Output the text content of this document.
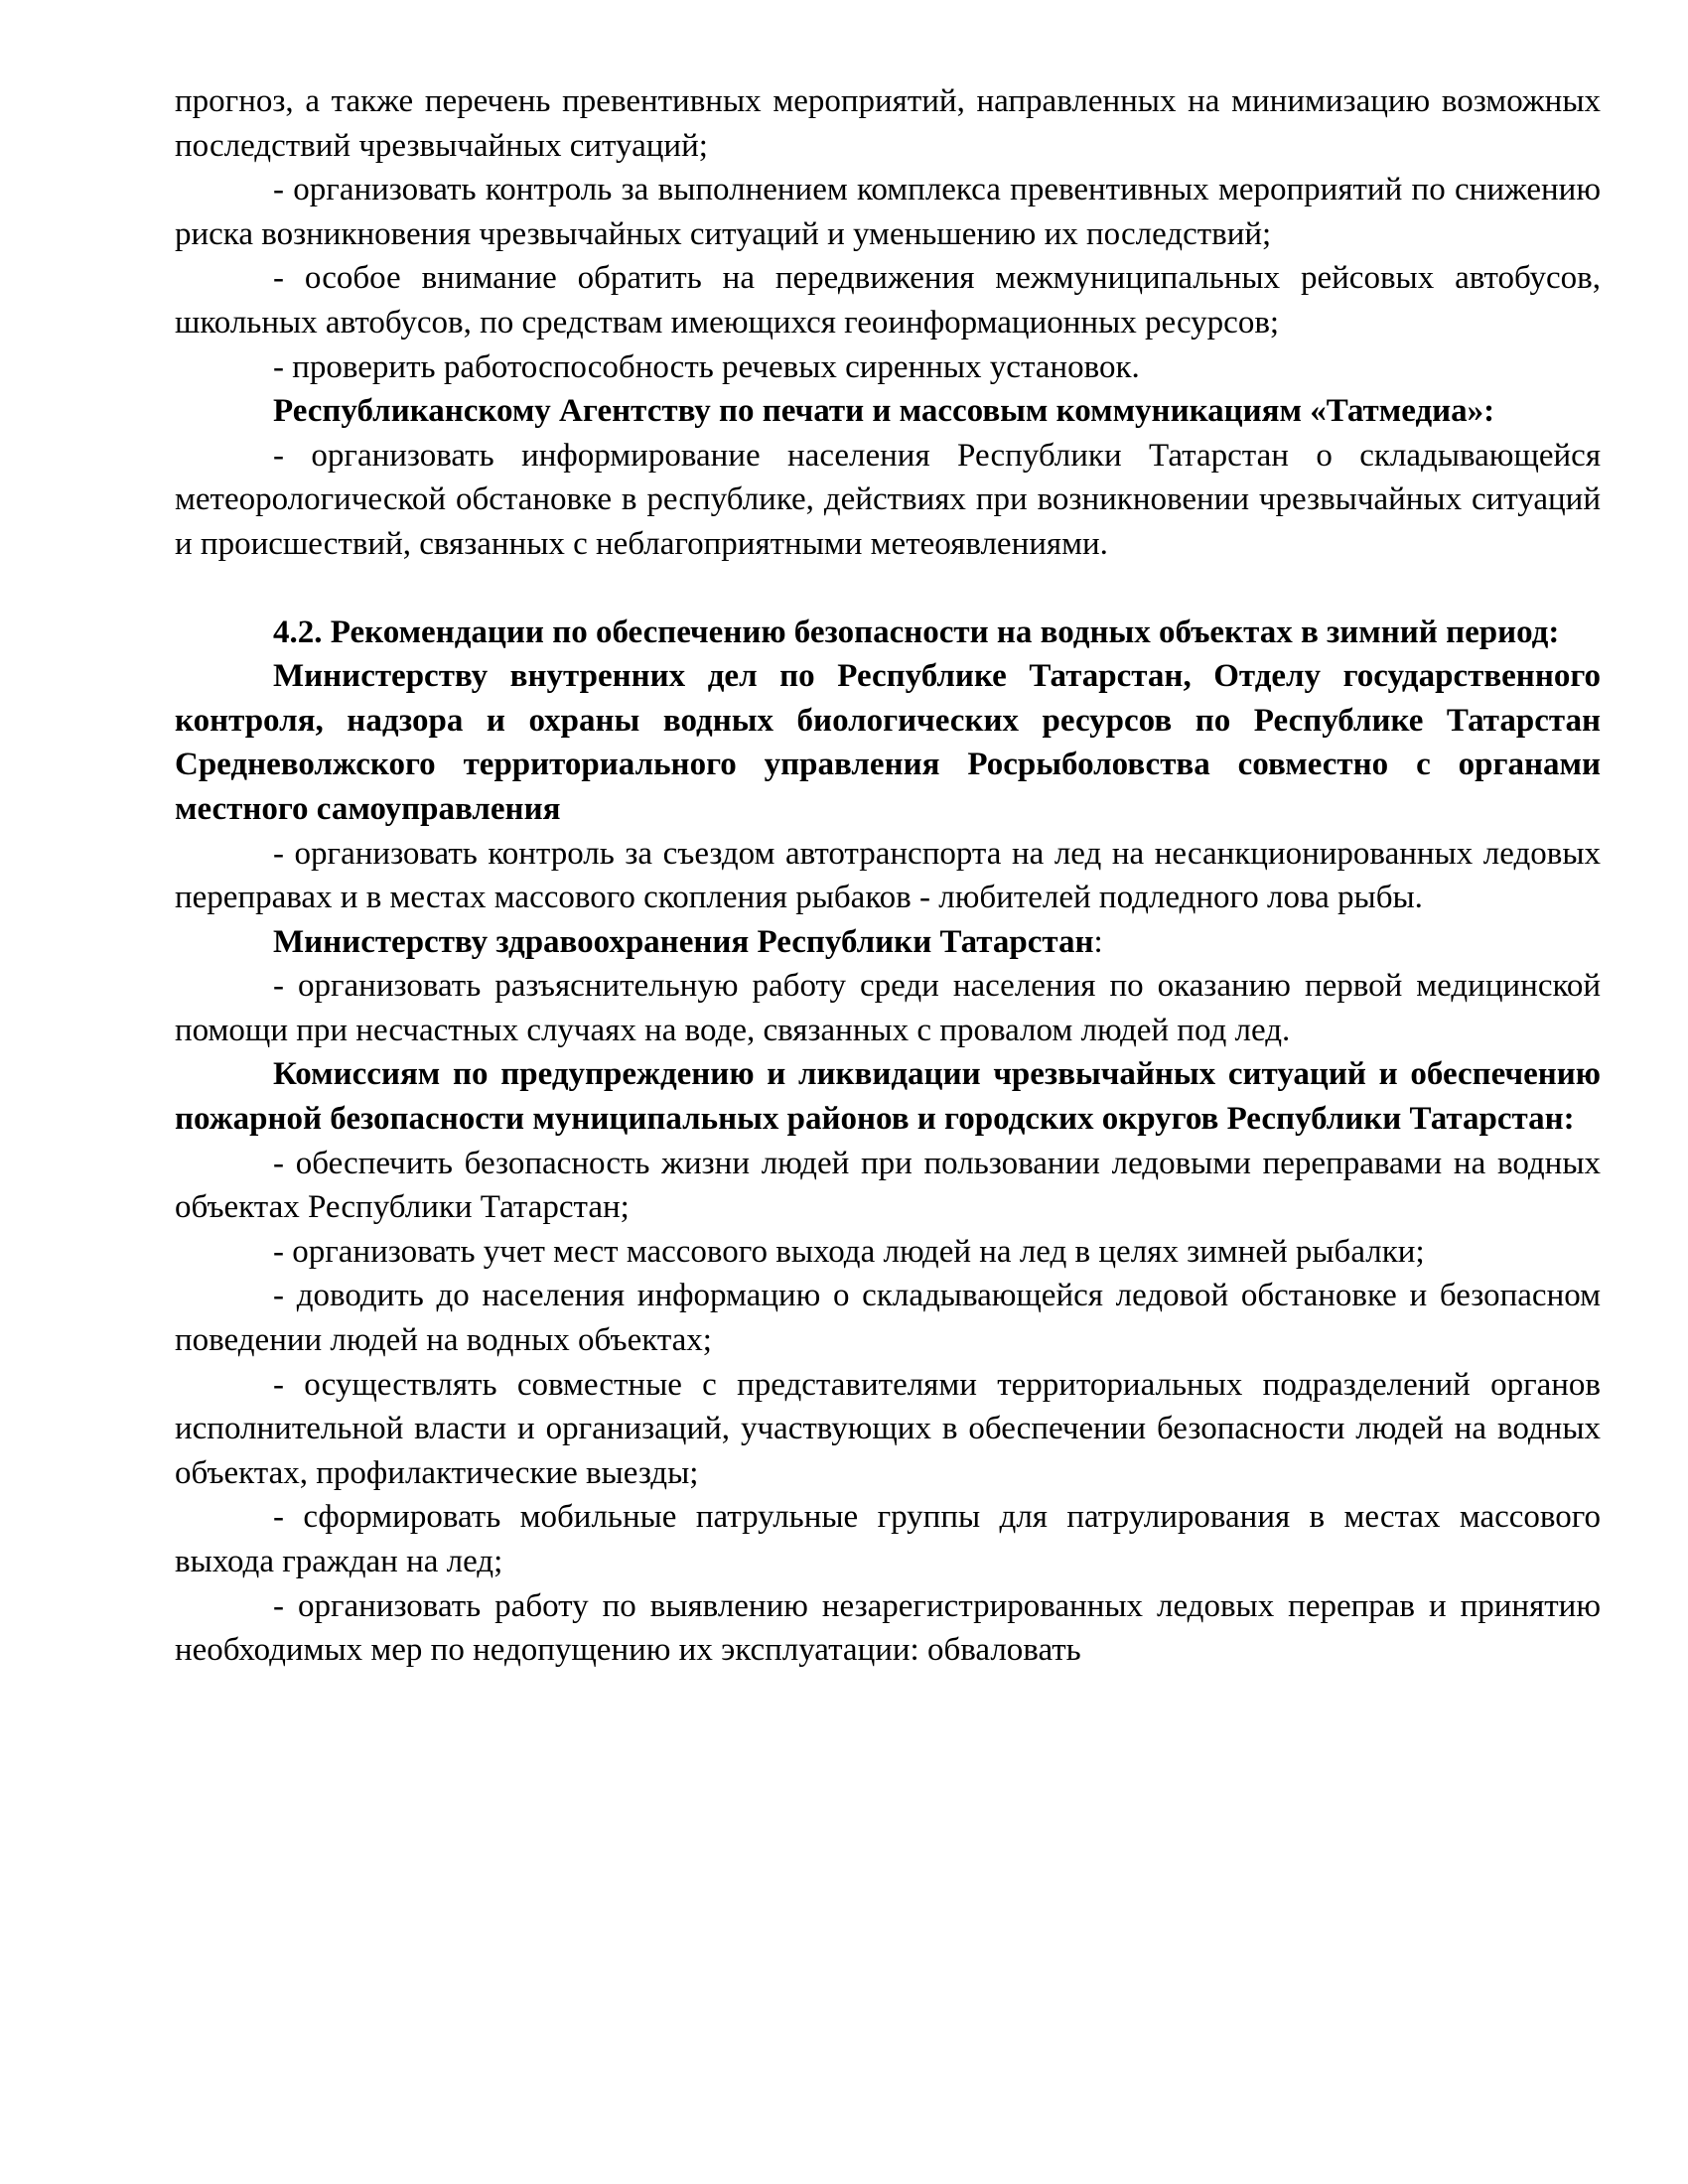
прогноз, а также перечень превентивных мероприятий, направленных на минимизацию возможных последствий чрезвычайных ситуаций;

- организовать контроль за выполнением комплекса превентивных мероприятий по снижению риска возникновения чрезвычайных ситуаций и уменьшению их последствий;

- особое внимание обратить на передвижения межмуниципальных рейсовых автобусов, школьных автобусов, по средствам имеющихся геоинформационных ресурсов;

- проверить работоспособность речевых сиренных установок.

Республиканскому Агентству по печати и массовым коммуникациям «Татмедиа»:

- организовать информирование населения Республики Татарстан о складывающейся метеорологической обстановке в республике, действиях при возникновении чрезвычайных ситуаций и происшествий, связанных с неблагоприятными метеоявлениями.

4.2. Рекомендации по обеспечению безопасности на водных объектах в зимний период:

Министерству внутренних дел по Республике Татарстан, Отделу государственного контроля, надзора и охраны водных биологических ресурсов по Республике Татарстан Средневолжского территориального управления Росрыболовства совместно с органами местного самоуправления

- организовать контроль за съездом автотранспорта на лед на несанкционированных ледовых переправах и в местах массового скопления рыбаков - любителей подледного лова рыбы.

Министерству здравоохранения Республики Татарстан:

- организовать разъяснительную работу среди населения по оказанию первой медицинской помощи при несчастных случаях на воде, связанных с провалом людей под лед.

Комиссиям по предупреждению и ликвидации чрезвычайных ситуаций и обеспечению пожарной безопасности муниципальных районов и городских округов Республики Татарстан:

- обеспечить безопасность жизни людей при пользовании ледовыми переправами на водных объектах Республики Татарстан;

- организовать учет мест массового выхода людей на лед в целях зимней рыбалки;

- доводить до населения информацию о складывающейся ледовой обстановке и безопасном поведении людей на водных объектах;

- осуществлять совместные с представителями территориальных подразделений органов исполнительной власти и организаций, участвующих в обеспечении безопасности людей на водных объектах, профилактические выезды;

- сформировать мобильные патрульные группы для патрулирования в местах массового выхода граждан на лед;

- организовать работу по выявлению незарегистрированных ледовых переправ и принятию необходимых мер по недопущению их эксплуатации: обваловать
